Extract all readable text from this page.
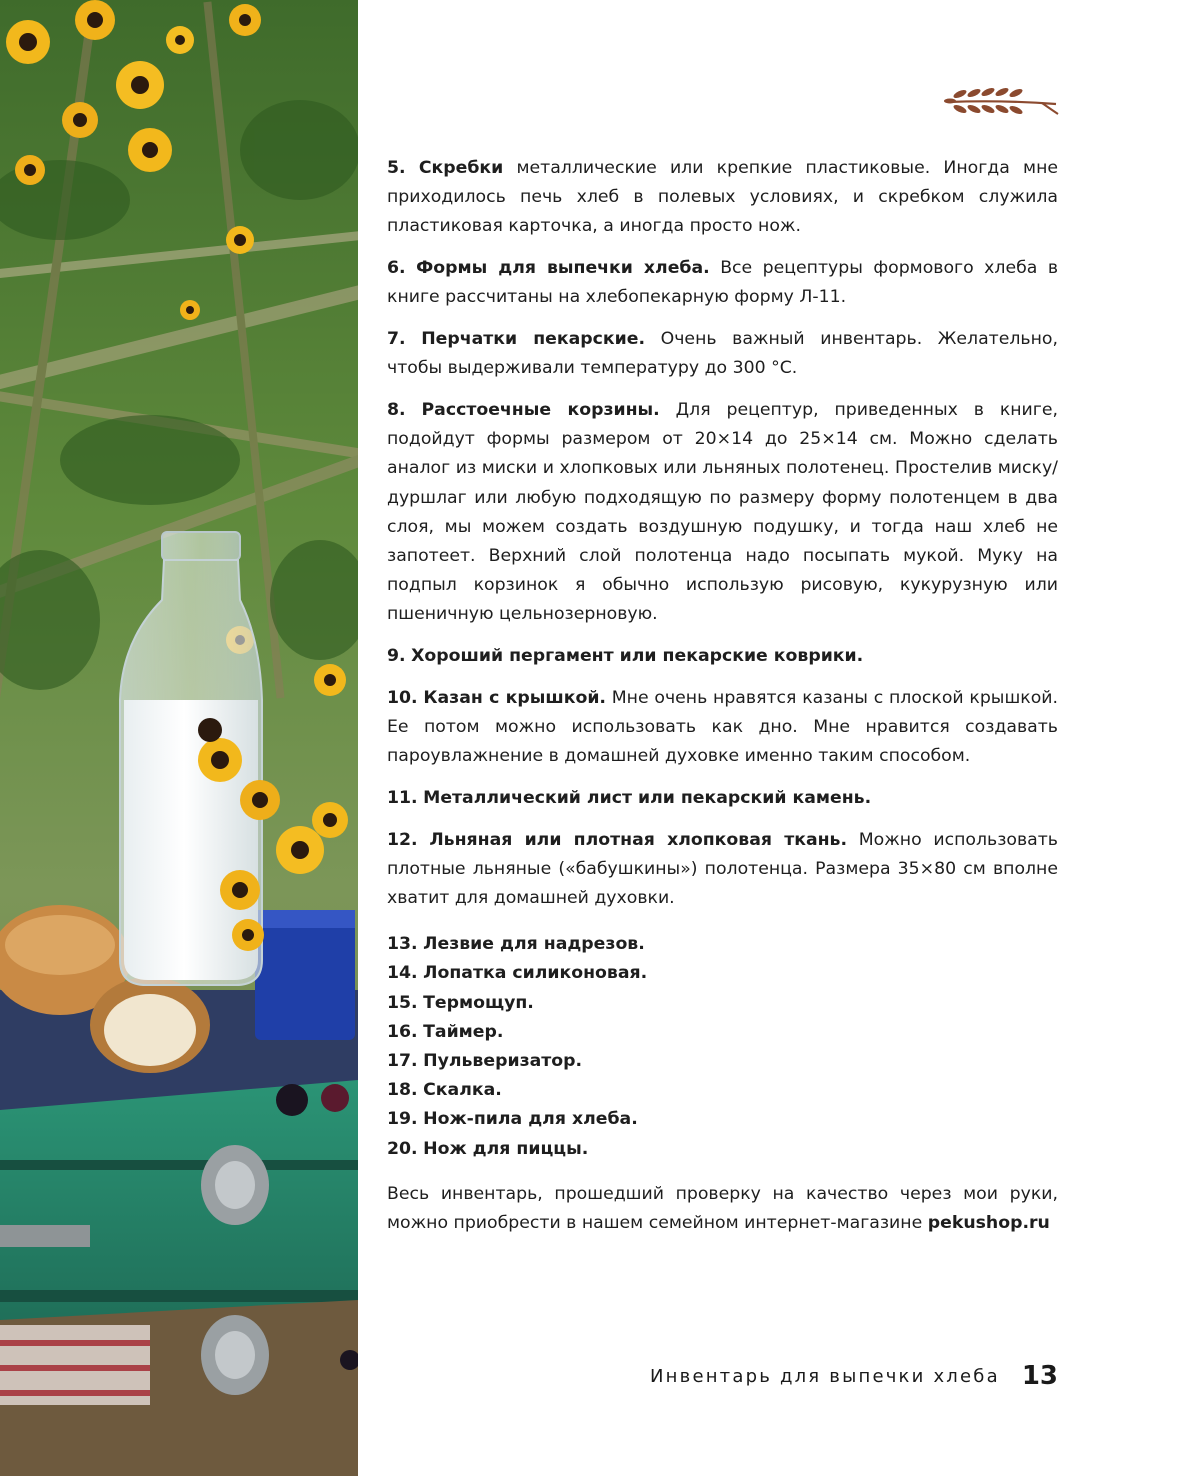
5. Скребки металлические или крепкие пластиковые. Иногда мне приходилось печь хлеб в полевых условиях, и скребком служила пластиковая карточка, а иногда просто нож.

6. Формы для выпечки хлеба. Все рецептуры формового хлеба в книге рассчитаны на хлебопекарную форму Л‑11.

7. Перчатки пекарские. Очень важный инвентарь. Желательно, чтобы выдерживали температуру до 300 °C.

8. Расстоечные корзины. Для рецептур, приведенных в книге, подойдут формы размером от 20×14 до 25×14 см. Можно сделать аналог из миски и хлопковых или льняных полотенец. Простелив миску/дуршлаг или любую подходящую по размеру форму полотенцем в два слоя, мы можем создать воздушную подушку, и тогда наш хлеб не запотеет. Верхний слой полотенца надо посыпать мукой. Муку на подпыл корзинок я обычно использую рисовую, кукурузную или пшеничную цельнозерновую.

9. Хороший пергамент или пекарские коврики.

10. Казан с крышкой. Мне очень нравятся казаны с плоской крышкой. Ее потом можно использовать как дно. Мне нравится создавать пароувлажнение в домашней духовке именно таким способом.

11. Металлический лист или пекарский камень.

12. Льняная или плотная хлопковая ткань. Можно использовать плотные льняные («бабушкины») полотенца. Размера 35×80 см вполне хватит для домашней духовки.

13. Лезвие для надрезов.

14. Лопатка силиконовая.

15. Термощуп.

16. Таймер.

17. Пульверизатор.

18. Скалка.

19. Нож-пила для хлеба.

20. Нож для пиццы.

Весь инвентарь, прошедший проверку на качество через мои руки, можно приобрести в нашем семейном интернет-магазине pekushop.ru

Инвентарь для выпечки хлеба 13
